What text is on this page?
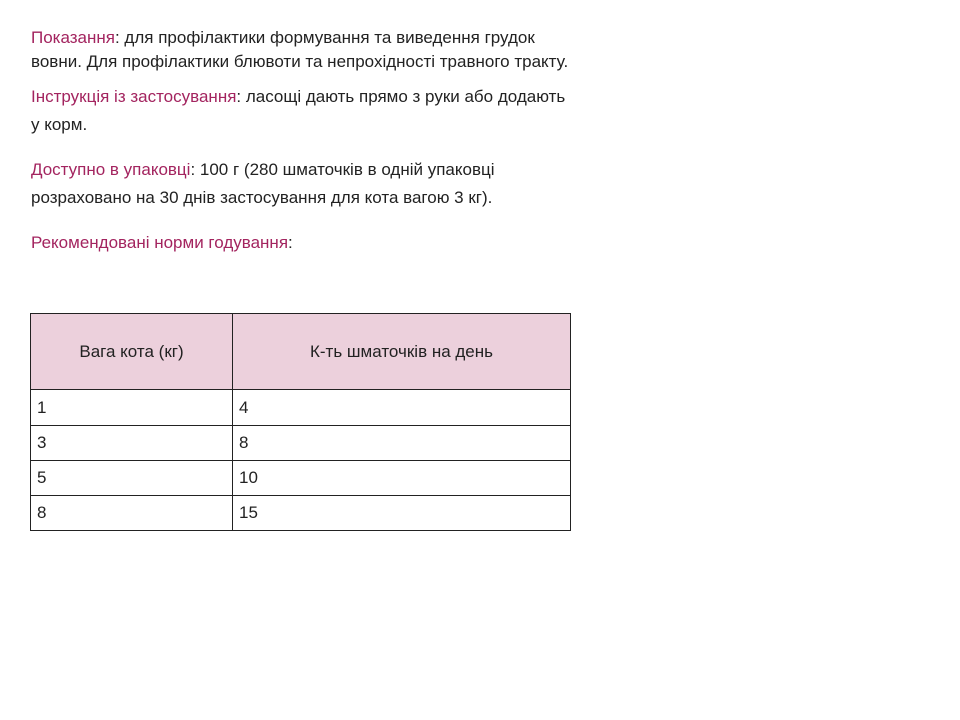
Показання: для профілактики формування та виведення грудок вовни. Для профілактики блювоти та непрохідності травного тракту.

Інструкція із застосування: ласощі дають прямо з руки або додають у корм.

Доступно в упаковці: 100 г (280 шматочків в одній упаковці розраховано на 30 днів застосування для кота вагою 3 кг).

Рекомендовані норми годування:

Вага кота (кг)	К-ть шматочків на день
1	4
3	8
5	10
8	15
